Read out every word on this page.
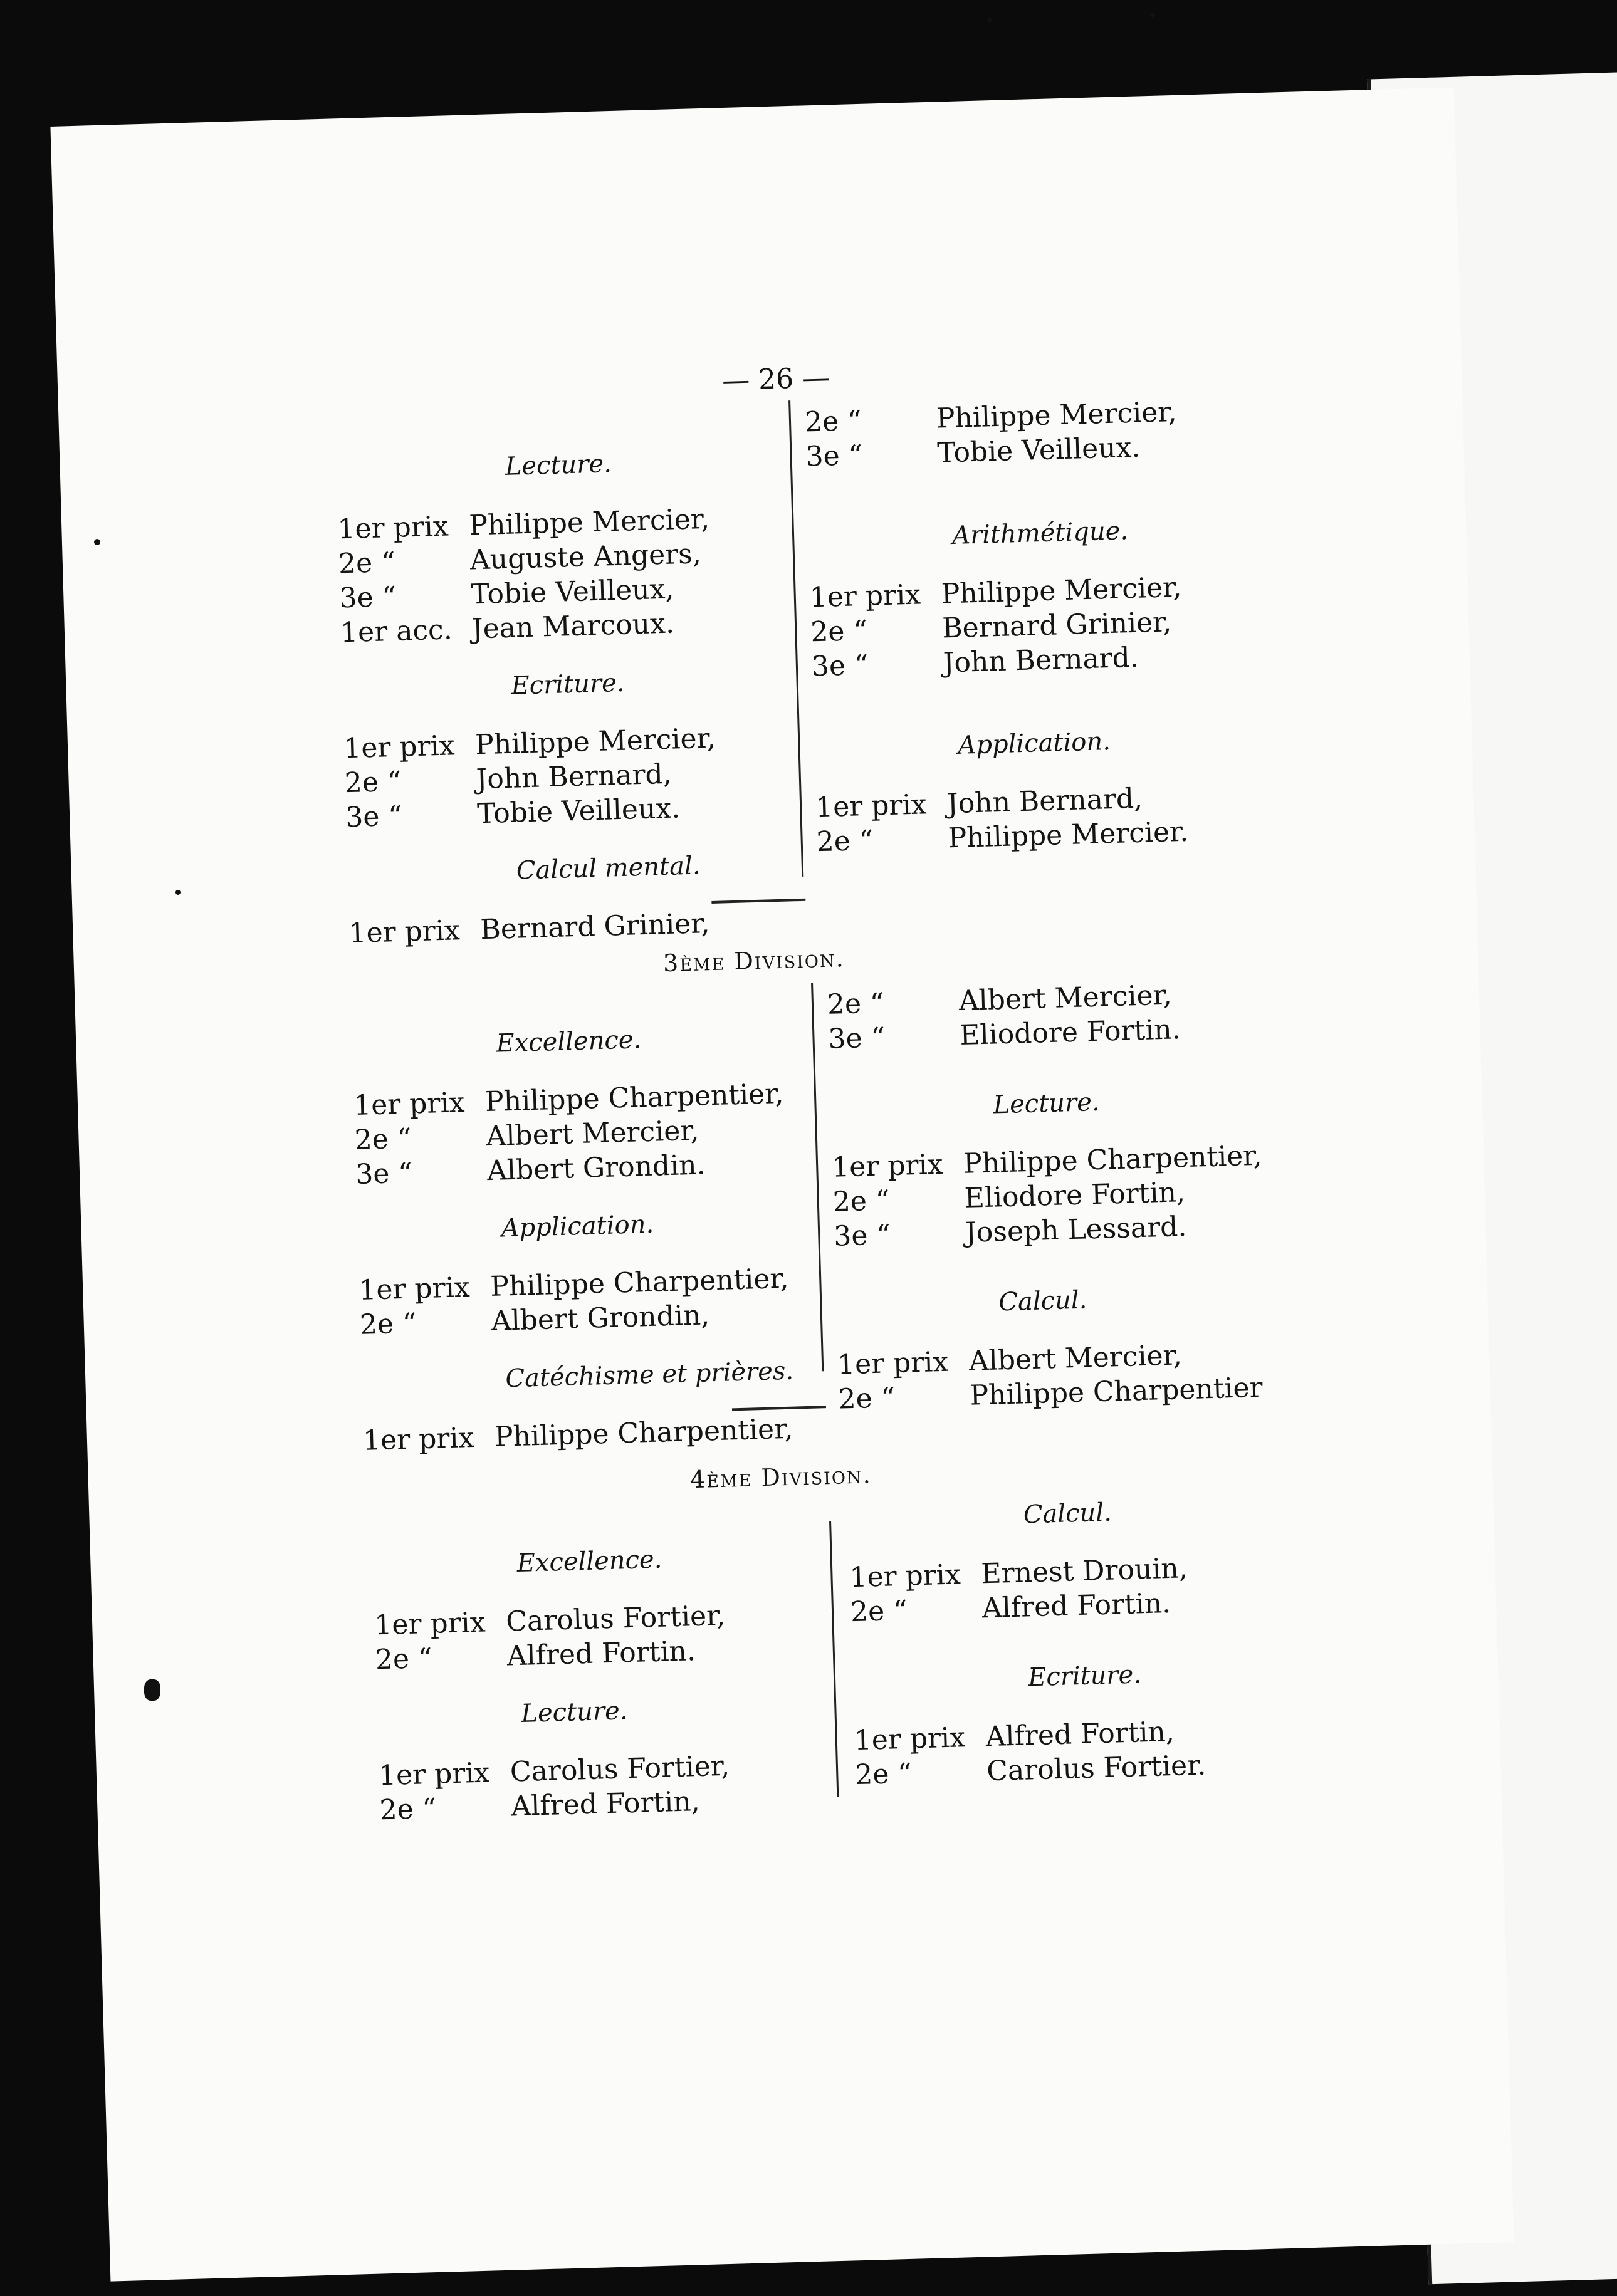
— 26 —
Lecture.
1er prix Philippe Mercier,
2e “	Auguste Angers,
3e “	Tobie Veilleux,
1er acc. Jean Marcoux.
Ecriture.
1er prix Philippe Mercier,
2e “	John Bernard,
3e “	Tobie Veilleux.
Calcul mental.
1er prix Bernard Grinier,
2e “	Philippe Mercier,
3e “	Tobie Veilleux.
Arithmétique.
1er prix Philippe Mercier,
2e “	Bernard Grinier,
3e “	John Bernard.
Application.
1er prix John Bernard,
2e “	Philippe Mercier.
3ème Division.
Excellence.
1er prix Philippe Charpentier,
2e “	Albert Mercier,
3e “	Albert Grondin.
Application.
1er prix Philippe Charpentier,
2e “	Albert Grondin,
Catéchisme et prières.
1er prix Philippe Charpentier,
2e “	Albert Mercier,
3e “	Eliodore Fortin.
Lecture.
1er prix Philippe Charpentier,
2e “	Eliodore Fortin,
3e “	Joseph Lessard.
Calcul.
1er prix Albert Mercier,
2e “	Philippe Charpentier
4ème Division.
Excellence.
1er prix Carolus Fortier,
2e “	Alfred Fortin.
Lecture.
1er prix Carolus Fortier,
2e “	Alfred Fortin,
Calcul.
1er prix Ernest Drouin,
2e “	Alfred Fortin.
Ecriture.
1er prix Alfred Fortin,
2e “	Carolus Fortier.
